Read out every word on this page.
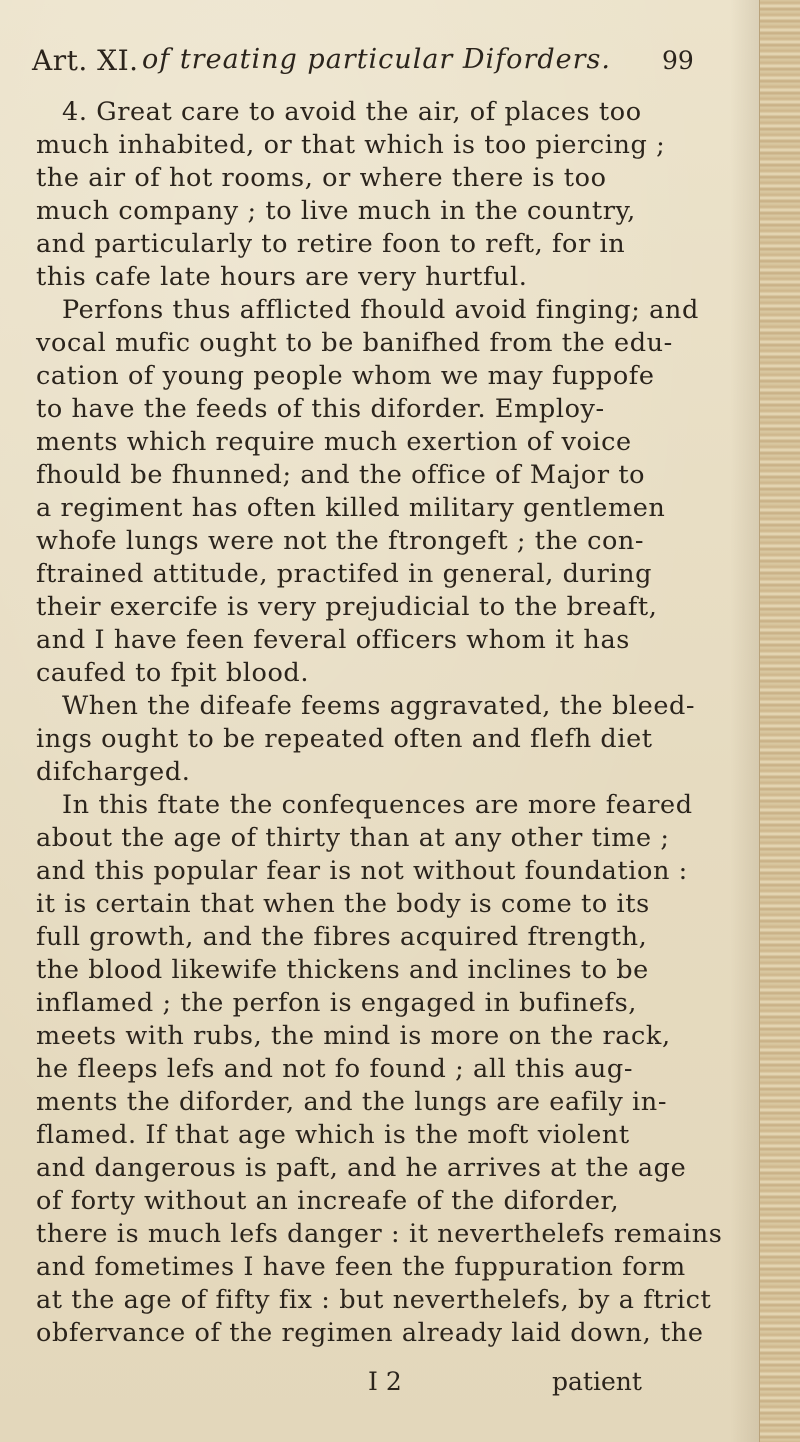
Art. XI. of treating particular Diforders. 99
4. Great care to avoid the air, of places too
much inhabited, or that which is too piercing ;
the air of hot rooms, or where there is too
much company ; to live much in the country,
and particularly to retire foon to reft, for in
this cafe late hours are very hurtful.
Perfons thus afflicted fhould avoid finging; and
vocal mufic ought to be banifhed from the edu-
cation of young people whom we may fuppofe
to have the feeds of this diforder. Employ-
ments which require much exertion of voice
fhould be fhunned; and the office of Major to
a regiment has often killed military gentlemen
whofe lungs were not the ftrongeft ; the con-
ftrained attitude, practifed in general, during
their exercife is very prejudicial to the breaft,
and I have feen feveral officers whom it has
caufed to fpit blood.
When the difeafe feems aggravated, the bleed-
ings ought to be repeated often and flefh diet
difcharged.
In this ftate the confequences are more feared
about the age of thirty than at any other time ;
and this popular fear is not without foundation :
it is certain that when the body is come to its
full growth, and the fibres acquired ftrength,
the blood likewife thickens and inclines to be
inflamed ; the perfon is engaged in bufinefs,
meets with rubs, the mind is more on the rack,
he fleeps lefs and not fo found ; all this aug-
ments the diforder, and the lungs are eafily in-
flamed. If that age which is the moft violent
and dangerous is paft, and he arrives at the age
of forty without an increafe of the diforder,
there is much lefs danger : it neverthelefs remains
and fometimes I have feen the fuppuration form
at the age of fifty fix : but neverthelefs, by a ftrict
obfervance of the regimen already laid down, the
I 2	patient
